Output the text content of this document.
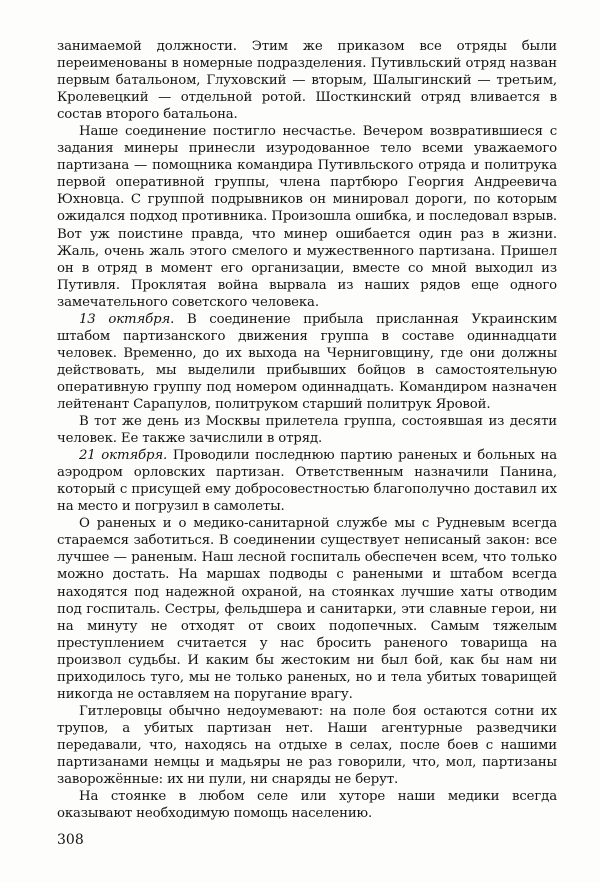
занимаемой должности. Этим же приказом все отряды были переименованы в номерные подразделения. Путивльский отряд назван первым батальоном, Глуховский — вторым, Шалыгинский — третьим, Кролевецкий — отдельной ротой. Шосткинский отряд вливается в состав второго батальона.

Наше соединение постигло несчастье. Вечером возвратившиеся с задания минеры принесли изуродованное тело всеми уважаемого партизана — помощника командира Путивльского отряда и политрука первой оперативной группы, члена партбюро Георгия Андреевича Юхновца. С группой подрывников он минировал дороги, по которым ожидался подход противника. Произошла ошибка, и последовал взрыв. Вот уж поистине правда, что минер ошибается один раз в жизни. Жаль, очень жаль этого смелого и мужественного партизана. Пришел он в отряд в момент его организации, вместе со мной выходил из Путивля. Проклятая война вырвала из наших рядов еще одного замечательного советского человека.

13 октября. В соединение прибыла присланная Украинским штабом партизанского движения группа в составе одиннадцати человек. Временно, до их выхода на Черниговщину, где они должны действовать, мы выделили прибывших бойцов в самостоятельную оперативную группу под номером одиннадцать. Командиром назначен лейтенант Сарапулов, политруком старший политрук Яровой.

В тот же день из Москвы прилетела группа, состоявшая из десяти человек. Ее также зачислили в отряд.

21 октября. Проводили последнюю партию раненых и больных на аэродром орловских партизан. Ответственным назначили Панина, который с присущей ему добросовестностью благополучно доставил их на место и погрузил в самолеты.

О раненых и о медико-санитарной службе мы с Рудневым всегда стараемся заботиться. В соединении существует неписаный закон: все лучшее — раненым. Наш лесной госпиталь обеспечен всем, что только можно достать. На маршах подводы с ранеными и штабом всегда находятся под надежной охраной, на стоянках лучшие хаты отводим под госпиталь. Сестры, фельдшера и санитарки, эти славные герои, ни на минуту не отходят от своих подопечных. Самым тяжелым преступлением считается у нас бросить раненого товарища на произвол судьбы. И каким бы жестоким ни был бой, как бы нам ни приходилось туго, мы не только раненых, но и тела убитых товарищей никогда не оставляем на поругание врагу.

Гитлеровцы обычно недоумевают: на поле боя остаются сотни их трупов, а убитых партизан нет. Наши агентурные разведчики передавали, что, находясь на отдыхе в селах, после боев с нашими партизанами немцы и мадьяры не раз говорили, что, мол, партизаны заворожённые: их ни пули, ни снаряды не берут.

На стоянке в любом селе или хуторе наши медики всегда оказывают необходимую помощь населению.

308
